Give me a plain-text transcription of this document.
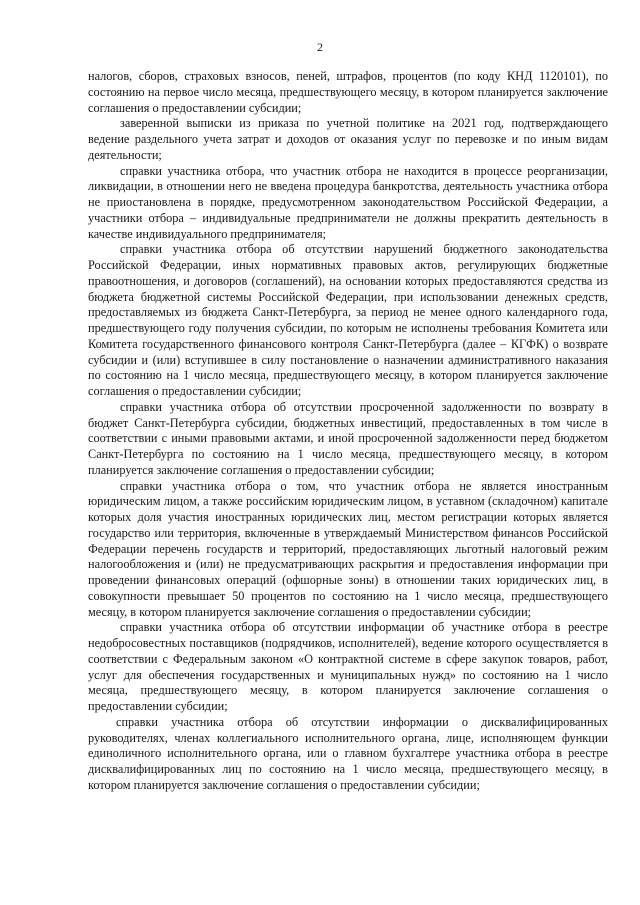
2

налогов, сборов, страховых взносов, пеней, штрафов, процентов (по коду КНД 1120101), по состоянию на первое число месяца, предшествующего месяцу, в котором планируется заключение соглашения о предоставлении субсидии;

заверенной выписки из приказа по учетной политике на 2021 год, подтверждающего ведение раздельного учета затрат и доходов от оказания услуг по перевозке и по иным видам деятельности;

справки участника отбора, что участник отбора не находится в процессе реорганизации, ликвидации, в отношении него не введена процедура банкротства, деятельность участника отбора не приостановлена в порядке, предусмотренном законодательством Российской Федерации, а участники отбора – индивидуальные предприниматели не должны прекратить деятельность в качестве индивидуального предпринимателя;

справки участника отбора об отсутствии нарушений бюджетного законодательства Российской Федерации, иных нормативных правовых актов, регулирующих бюджетные правоотношения, и договоров (соглашений), на основании которых предоставляются средства из бюджета бюджетной системы Российской Федерации, при использовании денежных средств, предоставляемых из бюджета Санкт-Петербурга, за период не менее одного календарного года, предшествующего году получения субсидии, по которым не исполнены требования Комитета или Комитета государственного финансового контроля Санкт-Петербурга (далее – КГФК) о возврате субсидии и (или) вступившее в силу постановление о назначении административного наказания по состоянию на 1 число месяца, предшествующего месяцу, в котором планируется заключение соглашения о предоставлении субсидии;

справки участника отбора об отсутствии просроченной задолженности по возврату в бюджет Санкт-Петербурга субсидии, бюджетных инвестиций, предоставленных в том числе в соответствии с иными правовыми актами, и иной просроченной задолженности перед бюджетом Санкт-Петербурга по состоянию на 1 число месяца, предшествующего месяцу, в котором планируется заключение соглашения о предоставлении субсидии;

справки участника отбора о том, что участник отбора не является иностранным юридическим лицом, а также российским юридическим лицом, в уставном (складочном) капитале которых доля участия иностранных юридических лиц, местом регистрации которых является государство или территория, включенные в утверждаемый Министерством финансов Российской Федерации перечень государств и территорий, предоставляющих льготный налоговый режим налогообложения и (или) не предусматривающих раскрытия и предоставления информации при проведении финансовых операций (офшорные зоны) в отношении таких юридических лиц, в совокупности превышает 50 процентов по состоянию на 1 число месяца, предшествующего месяцу, в котором планируется заключение соглашения о предоставлении субсидии;

справки участника отбора об отсутствии информации об участнике отбора в реестре недобросовестных поставщиков (подрядчиков, исполнителей), ведение которого осуществляется в соответствии с Федеральным законом «О контрактной системе в сфере закупок товаров, работ, услуг для обеспечения государственных и муниципальных нужд» по состоянию на 1 число месяца, предшествующего месяцу, в котором планируется заключение соглашения о предоставлении субсидии;

справки участника отбора об отсутствии информации о дисквалифицированных руководителях, членах коллегиального исполнительного органа, лице, исполняющем функции единоличного исполнительного органа, или о главном бухгалтере участника отбора в реестре дисквалифицированных лиц по состоянию на 1 число месяца, предшествующего месяцу, в котором планируется заключение соглашения о предоставлении субсидии;
